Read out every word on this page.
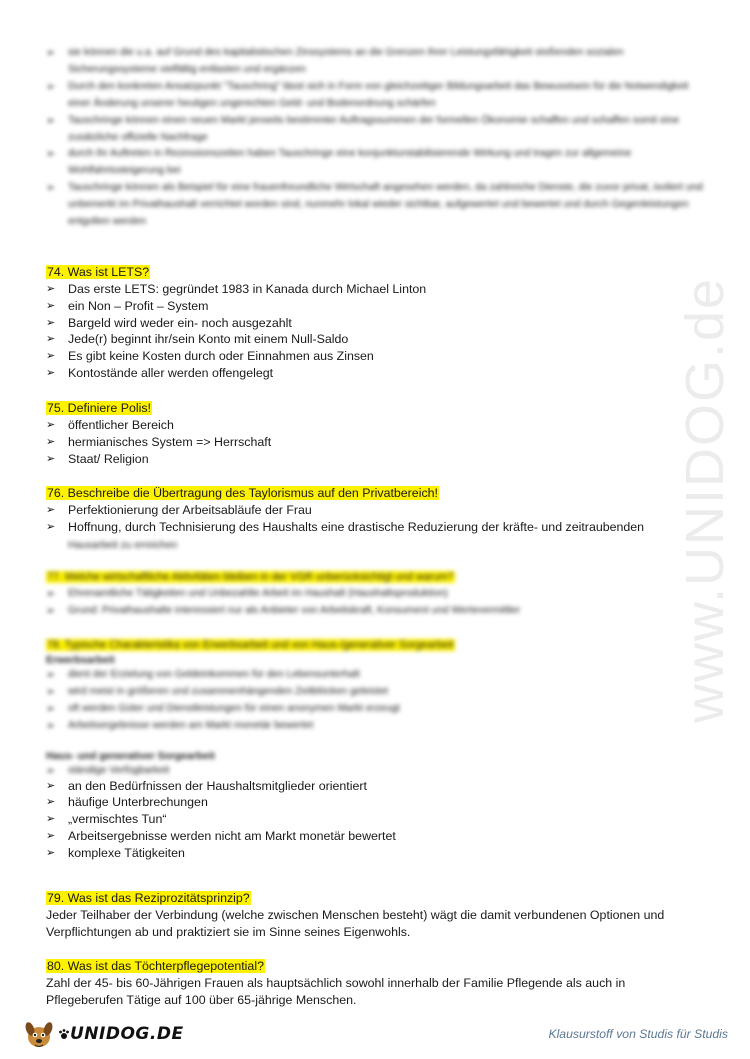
www.UNIDOG.de
➢ sie können die u.a. auf Grund des kapitalistischen Zinssystems an die Grenzen ihrer Leistungsfähigkeit stoßenden sozialen Sicherungssysteme vielfältig entlasten und ergänzen
➢ Durch den konkreten Ansatzpunkt "Tauschring" lässt sich in Form von gleichzeitiger Bildungsarbeit das Bewusstsein für die Notwendigkeit einer Änderung unserer heutigen ungerechten Geld- und Bodenordnung schärfen
➢ Tauschringe können einen neuen Markt jenseits bestimmter Auftragssummen der formellen Ökonomie schaffen und schaffen somit eine zusätzliche offizielle Nachfrage
➢ durch ihr Auftreten in Rezessionszeiten haben Tauschringe eine konjunkturstabilisierende Wirkung und tragen zur allgemeine Wohlfahrtssteigerung bei
➢ Tauschringe können als Beispiel für eine frauenfreundliche Wirtschaft angesehen werden, da zahlreiche Dienste, die zuvor privat, isoliert und unbemerkt im Privathaushalt verrichtet worden sind, nunmehr lokal wieder sichtbar, aufgewertet und bewertet und durch Gegenleistungen entgolten werden

74. Was ist LETS?

➢ Das erste LETS: gegründet 1983 in Kanada durch Michael Linton
➢ ein Non – Profit – System
➢ Bargeld wird weder ein- noch ausgezahlt
➢ Jede(r) beginnt ihr/sein Konto mit einem Null-Saldo
➢ Es gibt keine Kosten durch oder Einnahmen aus Zinsen
➢ Kontostände aller werden offengelegt

75. Definiere Polis!

➢ öffentlicher Bereich
➢ hermianisches System => Herrschaft
➢ Staat/ Religion

76. Beschreibe die Übertragung des Taylorismus auf den Privatbereich!

➢ Perfektionierung der Arbeitsabläufe der Frau
➢ Hoffnung, durch Technisierung des Haushalts eine drastische Reduzierung der kräfte- und zeitraubenden
Hausarbeit zu erreichen

77. Welche wirtschaftliche Aktivitäten bleiben in der VGR unberücksichtigt und warum?

➢ Ehrenamtliche Tätigkeiten und Unbezahlte Arbeit im Haushalt (Haushaltsproduktion)
➢ Grund: Privathaushalte interessiert nur als Anbieter von Arbeitskraft, Konsument und Wertevermittler

78. Typische Charakteristika von Erwerbsarbeit und von Haus-/generativer Sorgearbeit

Erwerbsarbeit
➢ dient der Erzielung von Geldeinkommen für den Lebensunterhalt
➢ wird meist in größeren und zusammenhängenden Zeitblöcken geleistet
➢ oft werden Güter und Dienstleistungen für einen anonymen Markt erzeugt
➢ Arbeitsergebnisse werden am Markt monetär bewertet
Haus- und generativer Sorgearbeit
➢ ständige Verfügbarkeit
➢ an den Bedürfnissen der Haushaltsmitglieder orientiert
➢ häufige Unterbrechungen
➢ „vermischtes Tun“
➢ Arbeitsergebnisse werden nicht am Markt monetär bewertet
➢ komplexe Tätigkeiten

79. Was ist das Reziprozitätsprinzip?

Jeder Teilhaber der Verbindung (welche zwischen Menschen besteht) wägt die damit verbundenen Optionen und

Verpflichtungen ab und praktiziert sie im Sinne seines Eigenwohls.

80. Was ist das Töchterpflegepotential?

Zahl der 45- bis 60-Jährigen Frauen als hauptsächlich sowohl innerhalb der Familie Pflegende als auch in

Pflegeberufen Tätige auf 100 über 65-jährige Menschen.

UNIDOG.DE	Klausurstoff von Studis für Studis
